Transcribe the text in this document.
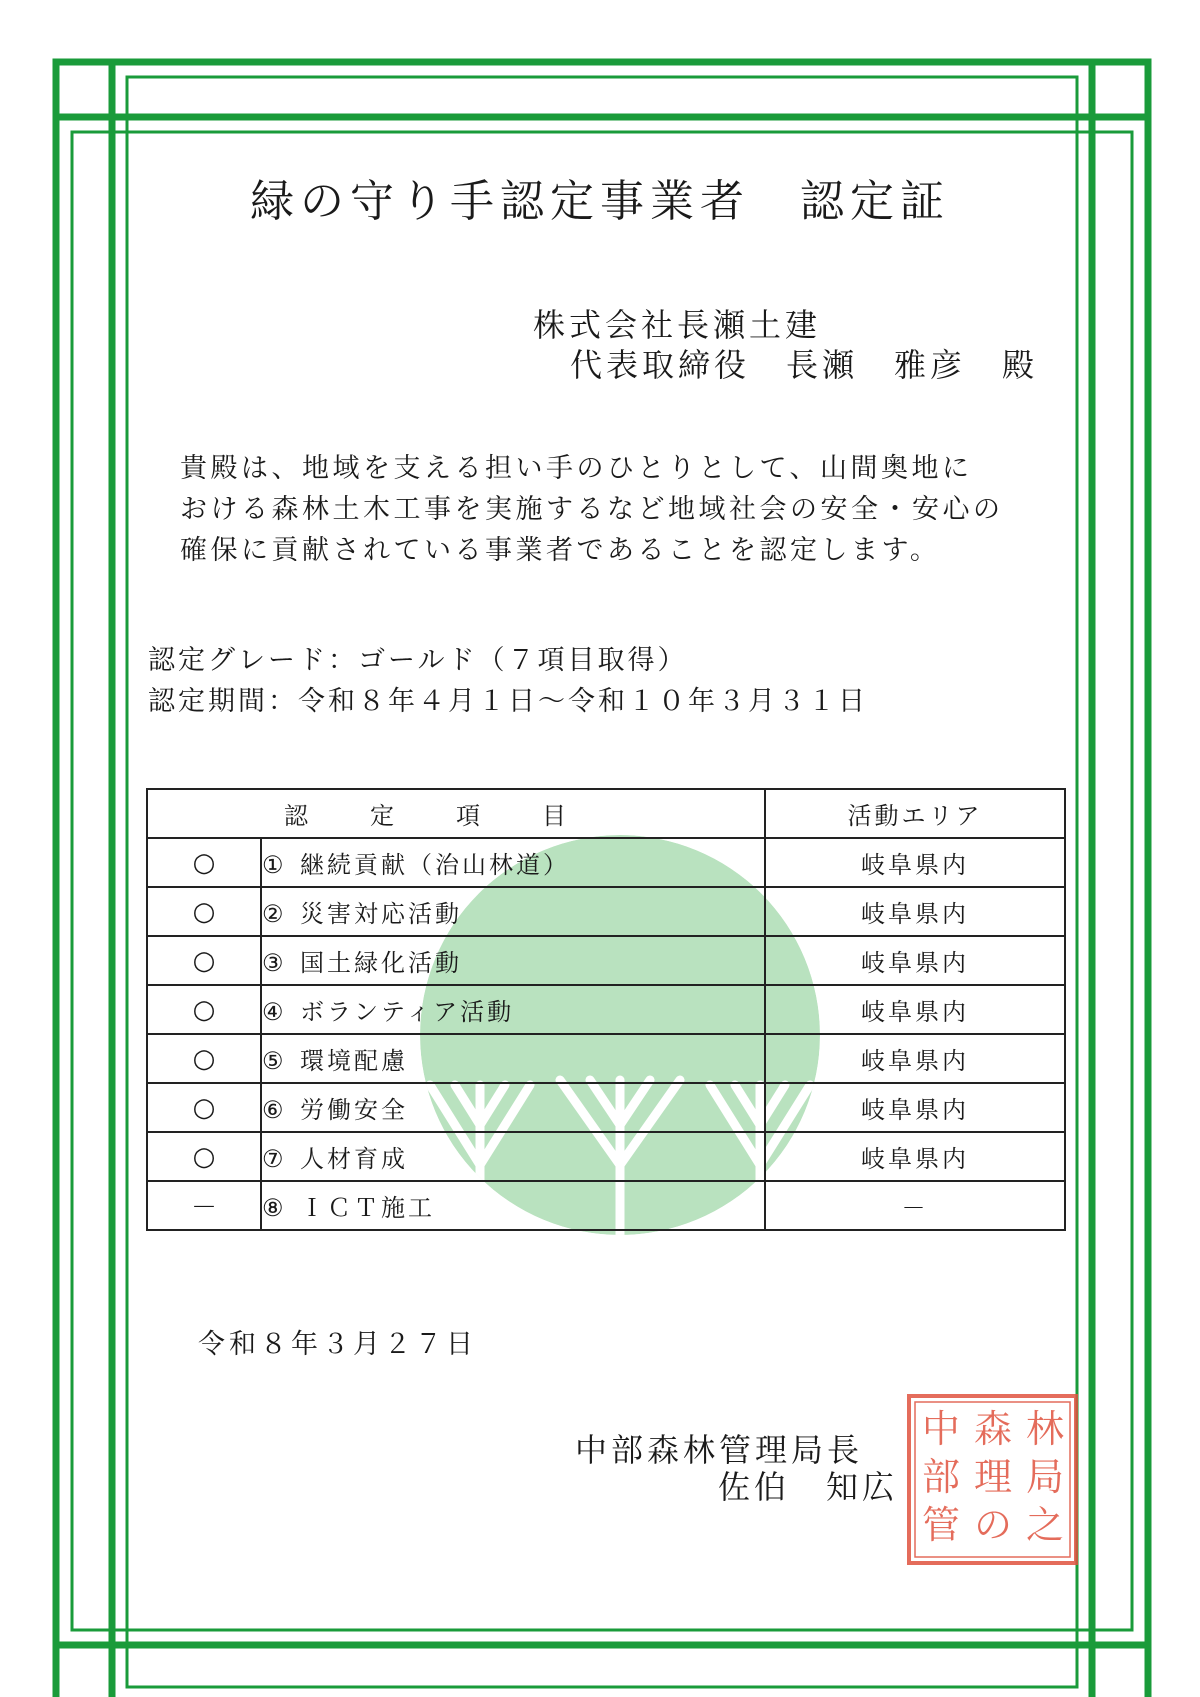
緑の守り手認定事業者　認定証
株式会社長瀬土建
代表取締役　長瀬　雅彦　殿
貴殿は、地域を支える担い手のひとりとして、山間奥地に
おける森林土木工事を実施するなど地域社会の安全・安心の
確保に貢献されている事業者であることを認定します。
認定グレード：ゴールド（７項目取得）
認定期間：令和８年４月１日～令和１０年３月３１日
認定項目		活動エリア
○	① 継続貢献（治山林道）	岐阜県内
○	② 災害対応活動	岐阜県内
○	③ 国土緑化活動	岐阜県内
○	④ ボランティア活動	岐阜県内
○	⑤ 環境配慮	岐阜県内
○	⑥ 労働安全	岐阜県内
○	⑦ 人材育成	岐阜県内
－	⑧ ＩＣＴ施工	－
令和８年３月２７日
中部森林管理局長
佐伯　知広
林
局
之
森
理
の
中
部
管
